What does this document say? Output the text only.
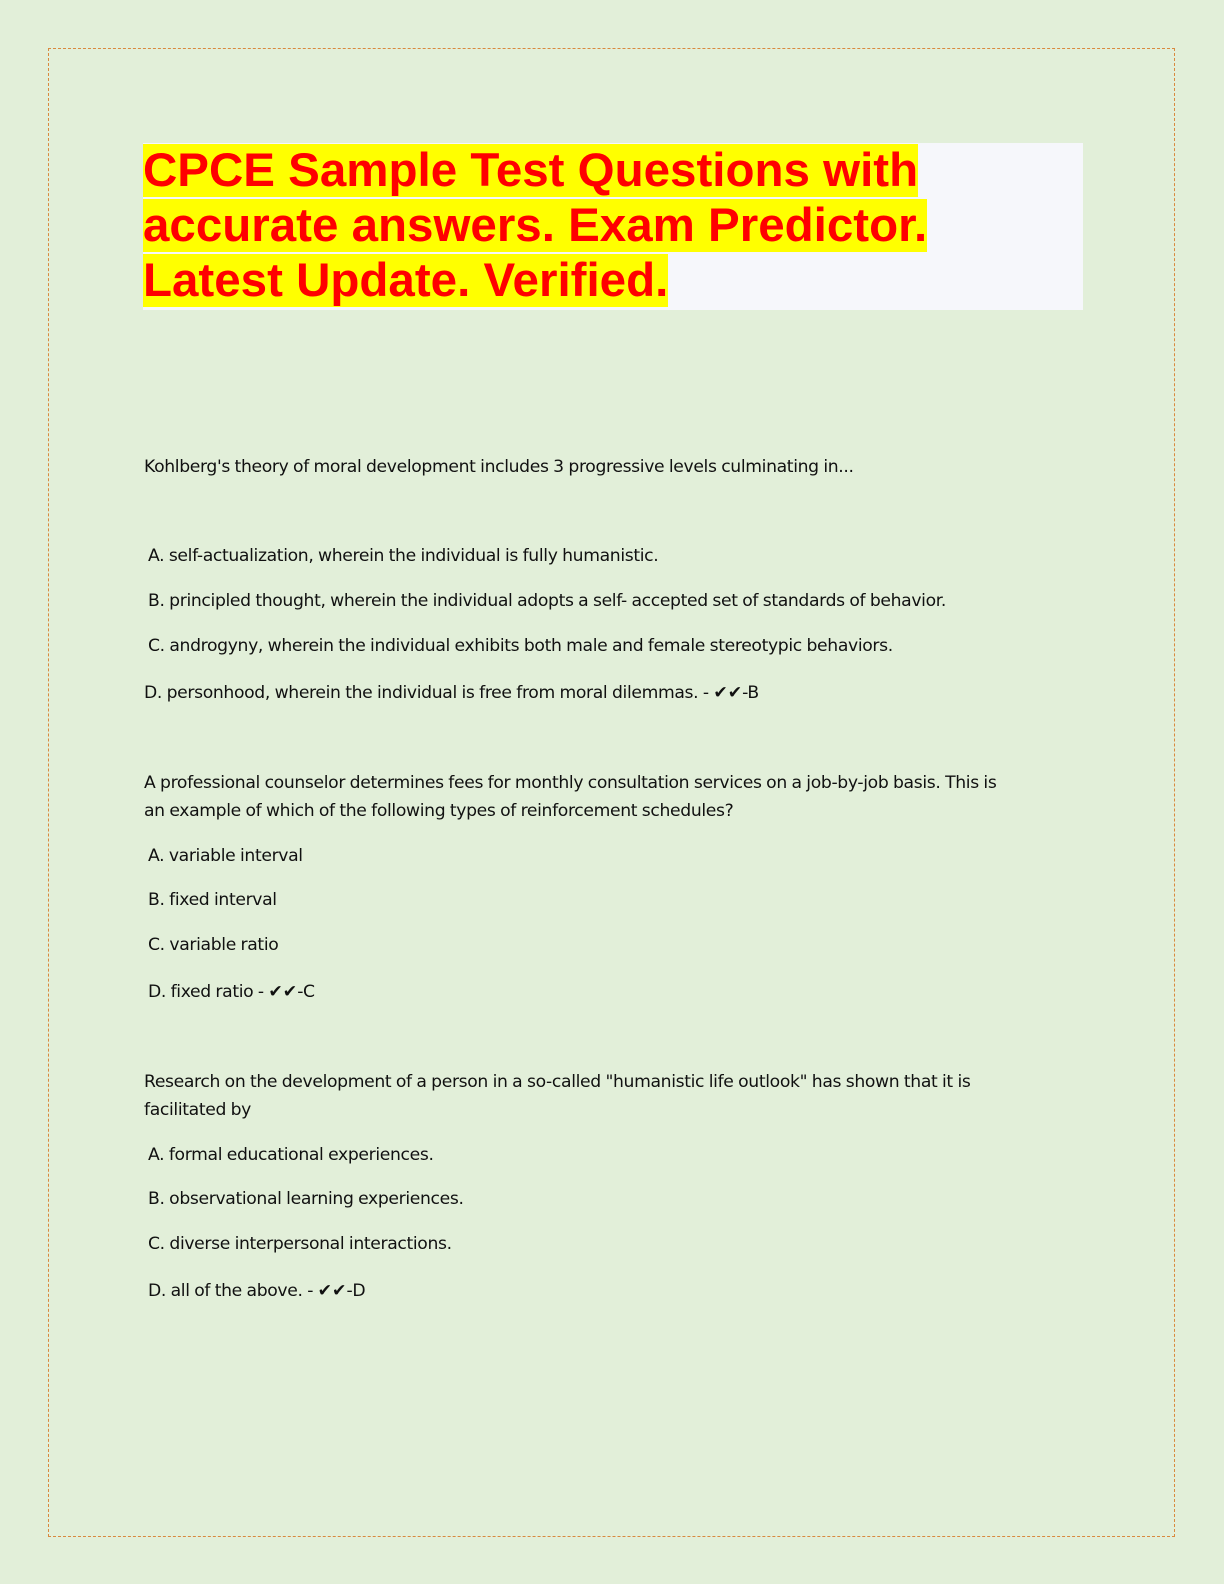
CPCE Sample Test Questions with
accurate answers. Exam Predictor.
Latest Update. Verified.
Kohlberg's theory of moral development includes 3 progressive levels culminating in...
A. self-actualization, wherein the individual is fully humanistic.
B. principled thought, wherein the individual adopts a self- accepted set of standards of behavior.
C. androgyny, wherein the individual exhibits both male and female stereotypic behaviors.
D. personhood, wherein the individual is free from moral dilemmas. - ✔✔-B
A professional counselor determines fees for monthly consultation services on a job-by-job basis. This is
an example of which of the following types of reinforcement schedules?
A. variable interval
B. fixed interval
C. variable ratio
D. fixed ratio - ✔✔-C
Research on the development of a person in a so-called "humanistic life outlook" has shown that it is
facilitated by
A. formal educational experiences.
B. observational learning experiences.
C. diverse interpersonal interactions.
D. all of the above. - ✔✔-D
